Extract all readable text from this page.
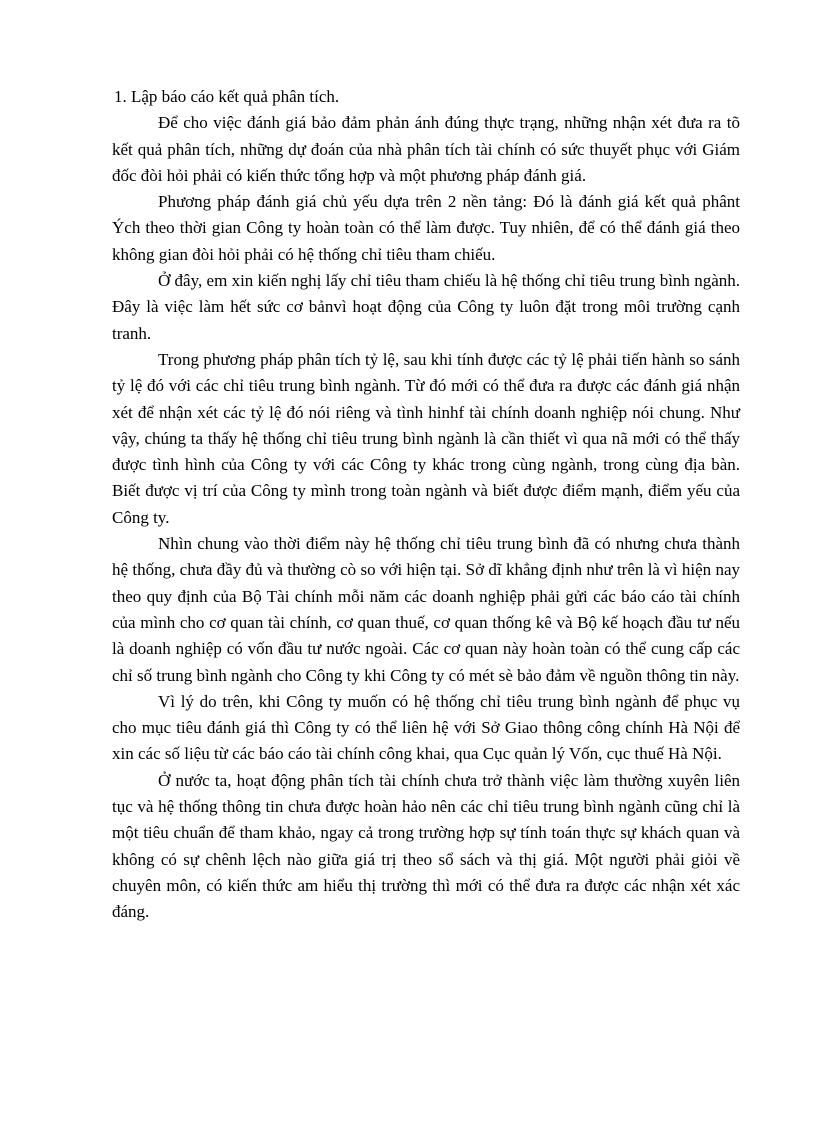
1. Lập báo cáo kết quả phân tích.

Để cho việc đánh giá bảo đảm phản ánh đúng thực trạng, những nhận xét đưa ra tõ kết quả phân tích, những dự đoán của nhà phân tích tài chính có sức thuyết phục với Giám đốc đòi hỏi phải có kiến thức tổng hợp và một phương pháp đánh giá.

Phương pháp đánh giá chủ yếu dựa trên 2 nền tảng: Đó là đánh giá kết quả phânt Ých theo thời gian Công ty hoàn toàn có thể làm được. Tuy nhiên, để có thể đánh giá theo không gian đòi hỏi phải có hệ thống chỉ tiêu tham chiếu.

Ở đây, em xin kiến nghị lấy chỉ tiêu tham chiếu là hệ thống chỉ tiêu trung bình ngành. Đây là việc làm hết sức cơ bảnvì hoạt động của Công ty luôn đặt trong môi trường cạnh tranh.

Trong phương pháp phân tích tỷ lệ, sau khi tính được các tỷ lệ phải tiến hành so sánh tỷ lệ đó với các chỉ tiêu trung bình ngành. Từ đó mới có thể đưa ra được các đánh giá nhận xét để nhận xét các tỷ lệ đó nói riêng và tình hinhf tài chính doanh nghiệp nói chung. Như vậy, chúng ta thấy hệ thống chỉ tiêu trung bình ngành là cần thiết vì qua nã mới có thể thấy được tình hình của Công ty với các Công ty khác trong cùng ngành, trong cùng địa bàn. Biết được vị trí của Công ty mình trong toàn ngành và biết được điểm mạnh, điểm yếu của Công ty.

Nhìn chung vào thời điểm này hệ thống chỉ tiêu trung bình đã có nhưng chưa thành hệ thống, chưa đầy đủ và thường cò so với hiện tại. Sở dĩ khẳng định như trên là vì hiện nay theo quy định của Bộ Tài chính mỗi năm các doanh nghiệp phải gửi các báo cáo tài chính của mình cho cơ quan tài chính, cơ quan thuế, cơ quan thống kê và Bộ kế hoạch đầu tư nếu là doanh nghiệp có vốn đầu tư nước ngoài. Các cơ quan này hoàn toàn có thể cung cấp các chỉ số trung bình ngành cho Công ty khi Công ty có mét sè bảo đảm về nguồn thông tin này.

Vì lý do trên, khi Công ty muốn có hệ thống chỉ tiêu trung bình ngành để phục vụ cho mục tiêu đánh giá thì Công ty có thể liên hệ với Sở Giao thông công chính Hà Nội để xin các số liệu từ các báo cáo tài chính công khai, qua Cục quản lý Vốn, cục thuế Hà Nội.

Ở nước ta, hoạt động phân tích tài chính chưa trở thành việc làm thường xuyên liên tục và hệ thống thông tin chưa được hoàn hảo nên các chỉ tiêu trung bình ngành cũng chỉ là một tiêu chuẩn để tham khảo, ngay cả trong trường hợp sự tính toán thực sự khách quan và không có sự chênh lệch nào giữa giá trị theo sổ sách và thị giá. Một người phải giỏi về chuyên môn, có kiến thức am hiểu thị trường thì mới có thể đưa ra được các nhận xét xác đáng.
